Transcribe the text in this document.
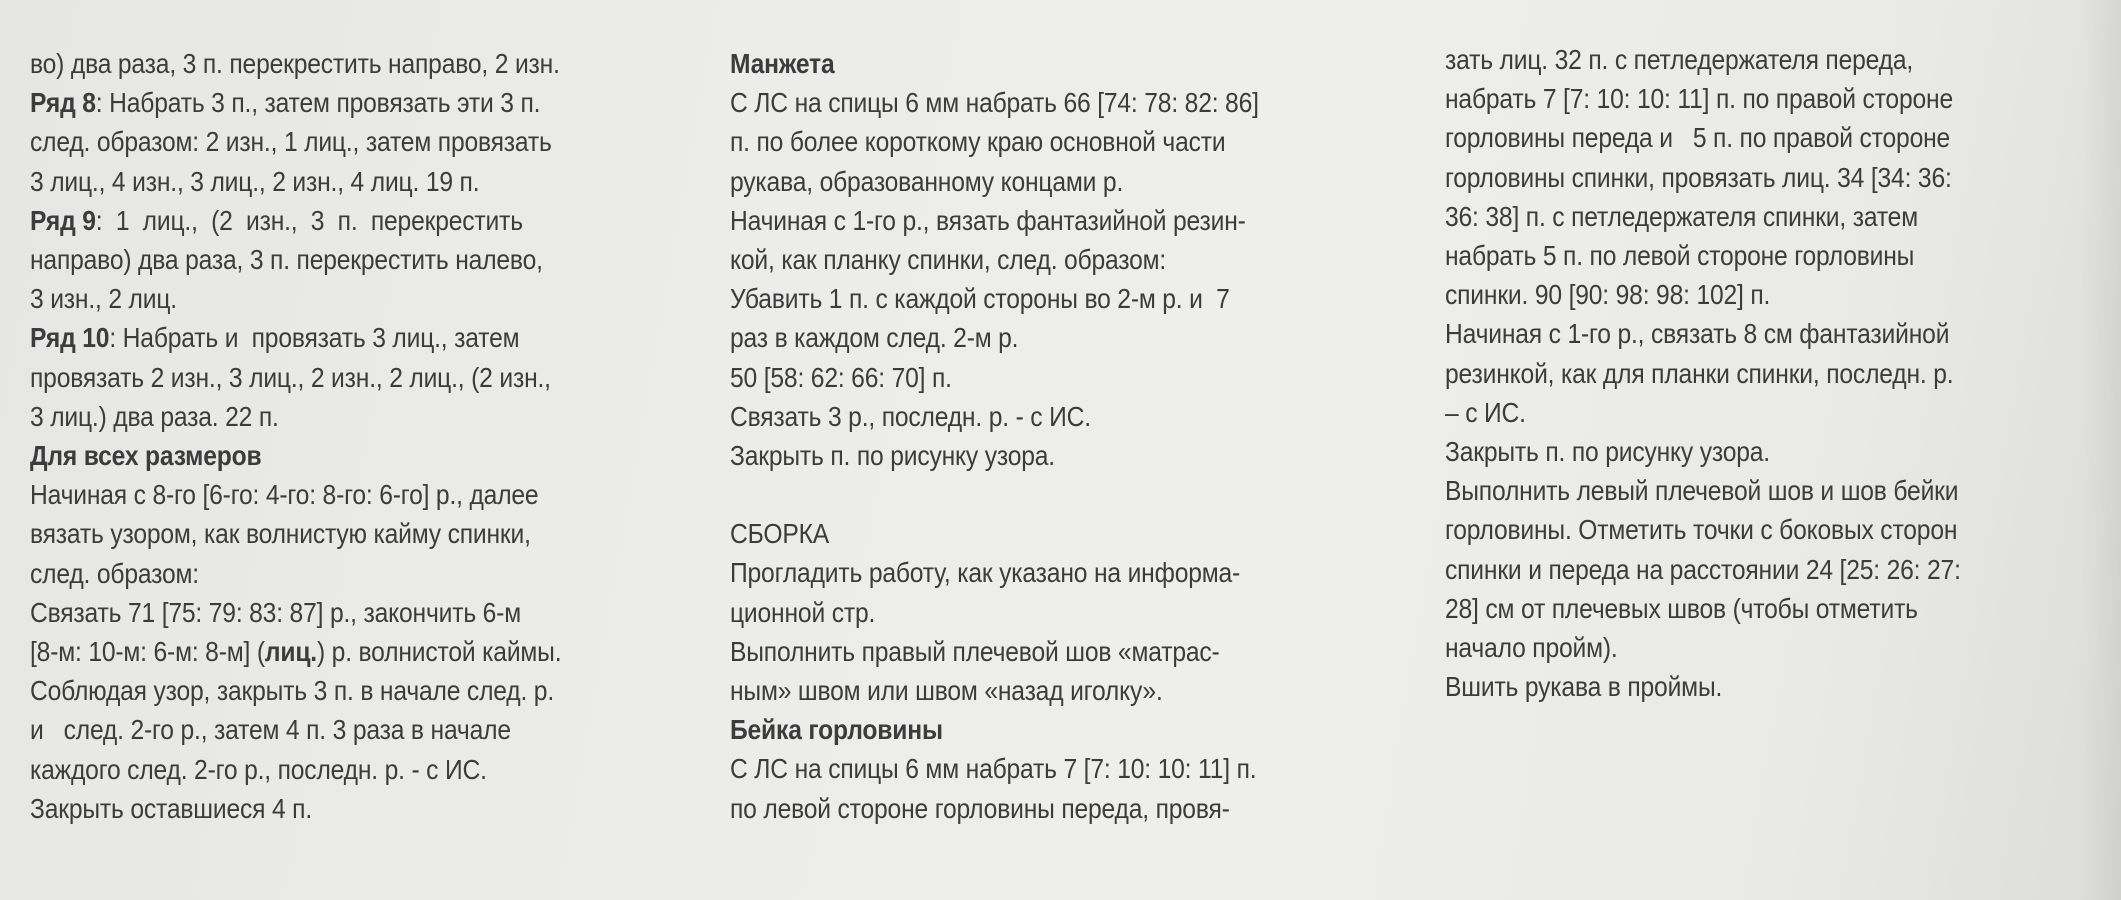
во) два раза, 3 п. перекрестить направо, 2 изн.

Ряд 8: Набрать 3 п., затем провязать эти 3 п.

след. образом: 2 изн., 1 лиц., затем провязать

3 лиц., 4 изн., 3 лиц., 2 изн., 4 лиц. 19 п.

Ряд 9:  1  лиц.,  (2  изн.,  3  п.  перекрестить

направо) два раза, 3 п. перекрестить налево,

3 изн., 2 лиц.

Ряд 10: Набрать и  провязать 3 лиц., затем

провязать 2 изн., 3 лиц., 2 изн., 2 лиц., (2 изн.,

3 лиц.) два раза. 22 п.

Для всех размеров

Начиная с 8-го [6-го: 4-го: 8-го: 6-го] р., далее

вязать узором, как волнистую кайму спинки,

след. образом:

Связать 71 [75: 79: 83: 87] р., закончить 6-м

[8-м: 10-м: 6-м: 8-м] (лиц.) р. волнистой каймы.

Соблюдая узор, закрыть 3 п. в начале след. р.

и   след. 2-го р., затем 4 п. 3 раза в начале

каждого след. 2-го р., последн. р. - с ИС.

Закрыть оставшиеся 4 п.

Манжета

С ЛС на спицы 6 мм набрать 66 [74: 78: 82: 86]

п. по более короткому краю основной части

рукава, образованному концами р.

Начиная с 1-го р., вязать фантазийной резин-

кой, как планку спинки, след. образом:

Убавить 1 п. с каждой стороны во 2-м р. и  7

раз в каждом след. 2-м р.

50 [58: 62: 66: 70] п.

Связать 3 р., последн. р. - с ИС.

Закрыть п. по рисунку узора.

СБОРКА

Прогладить работу, как указано на информа-

ционной стр.

Выполнить правый плечевой шов «матрас-

ным» швом или швом «назад иголку».

Бейка горловины

С ЛС на спицы 6 мм набрать 7 [7: 10: 10: 11] п.

по левой стороне горловины переда, провя-

зать лиц. 32 п. с петледержателя переда,

набрать 7 [7: 10: 10: 11] п. по правой стороне

горловины переда и   5 п. по правой стороне

горловины спинки, провязать лиц. 34 [34: 36:

36: 38] п. с петледержателя спинки, затем

набрать 5 п. по левой стороне горловины

спинки. 90 [90: 98: 98: 102] п.

Начиная с 1-го р., связать 8 см фантазийной

резинкой, как для планки спинки, последн. р.

– с ИС.

Закрыть п. по рисунку узора.

Выполнить левый плечевой шов и шов бейки

горловины. Отметить точки с боковых сторон

спинки и переда на расстоянии 24 [25: 26: 27:

28] см от плечевых швов (чтобы отметить

начало пройм).

Вшить рукава в проймы.
